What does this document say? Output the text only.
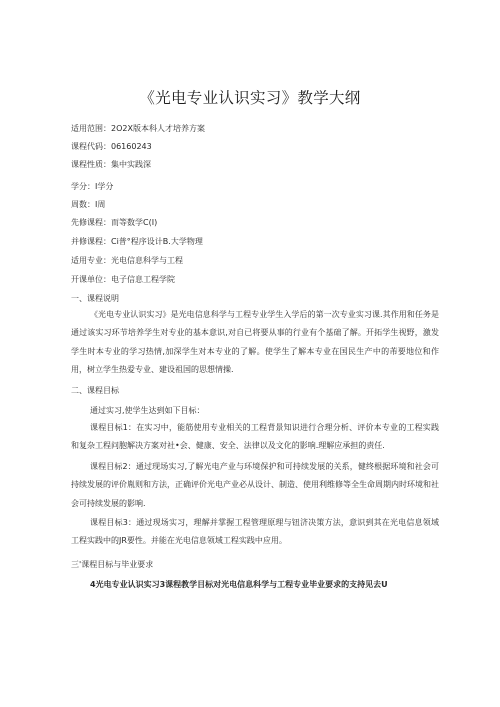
《光电专业认识实习》教学大纲
适用范围：2O2X版本科人才培养方案
课程代码：06160243
课程性质：集中实践深
学分：I学分
周数：I周
先修课程：而等数学C(I)
并修课程：Ci普°程序设计B.大学物理
适用专业：光电信息科学与工程
开课单位：电子信息工程学院
一、课程说明
《光电专业认识实习》是光电信息科学与工程专业学生入学后的第一次专业实习课.其作用和任务是通过该实习环节培养学生对专业的基本意识,对自已将要从事的行业有个基础了解。开拓学生视野，激发学生时本专业的学习热情,加深学生对本专业的了解。使学生了解本专业在国民生产中的芾要地位和作用，树立学生热爱专业、建设祖国的思想情操.
二、课程目标
通过实习,使学生达到如下目标：
课程目标1：在实习中，能筋使用专业相关的工程背景知识进行合理分析、评价本专业的工程实践和复杂工程问胞解决方案对社•会、健康、安全、法律以及文化的影响.理解应承担的责任.
课程目标2：通过现场实习,了解光电产业与环境保护和可持续发展的关系，健终根据环境和社会可持续发展的评价胤则和方法，正确评价光电产业必从设计、制造、使用利维修等全生命周期内时环境和社会可持续发展的影响.
课程目标3：通过现场实习，理解并掌握工程管理原理与钮济决策方法，意识到其在光电信息领域工程实践中的JR要性。并能在光电信息领域工程实践中应用。
三'课程目标与毕业要求
4光电专业认识实习3课程教学目标对光电信息科学与工程专业毕业要求的支持见去U
